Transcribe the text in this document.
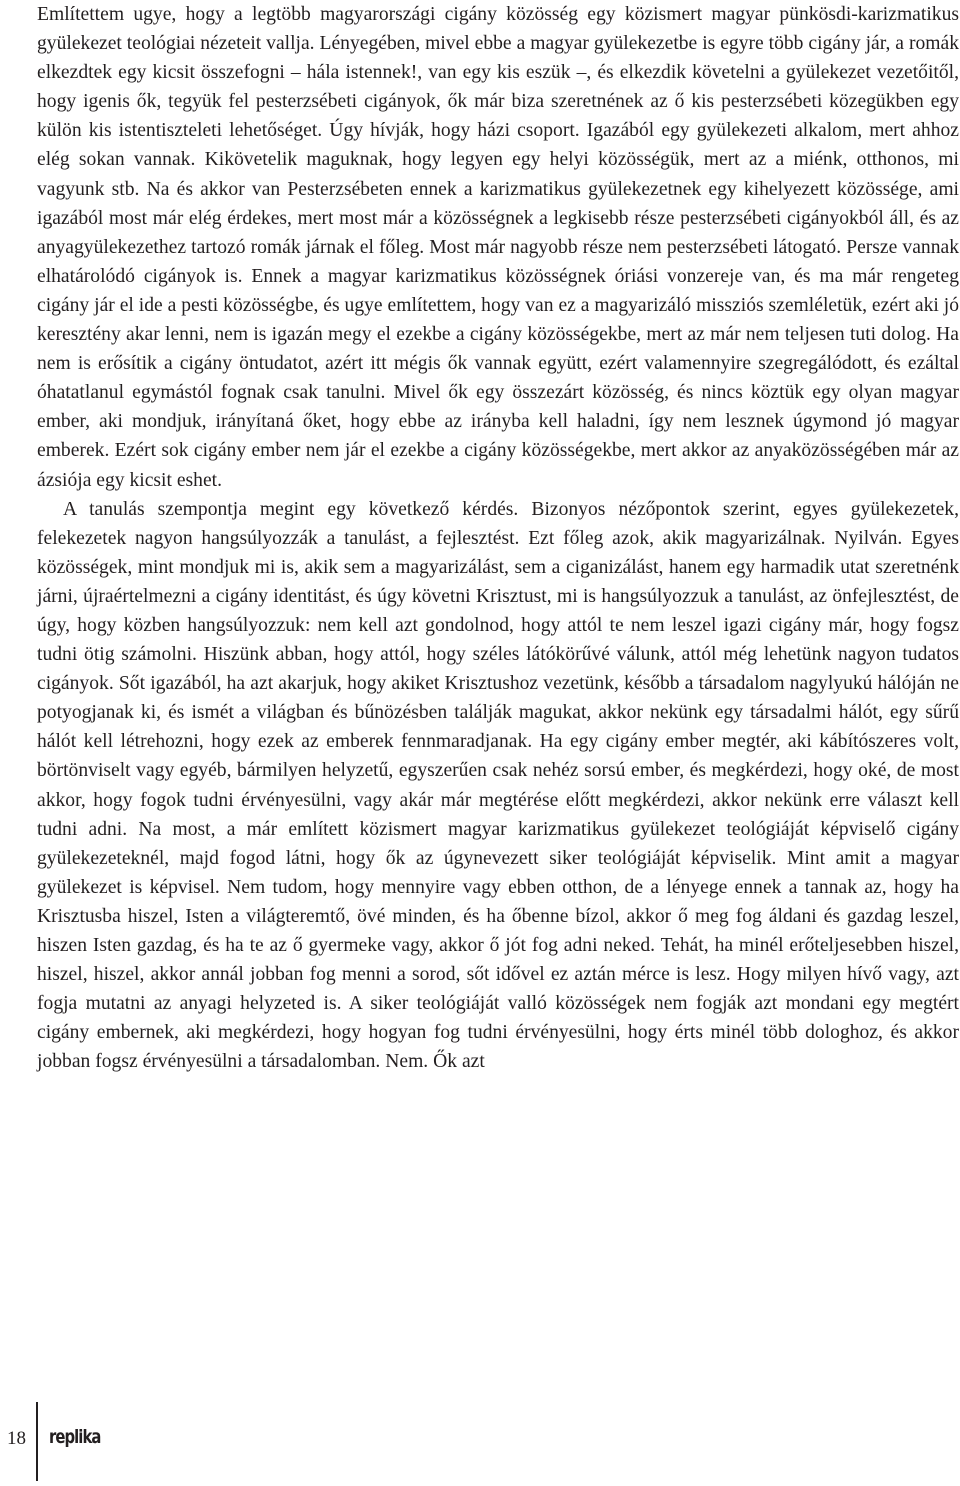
Említettem ugye, hogy a legtöbb magyarországi cigány közösség egy közismert magyar pünkösdi-karizmatikus gyülekezet teológiai nézeteit vallja. Lényegében, mivel ebbe a magyar gyülekezetbe is egyre több cigány jár, a romák elkezdtek egy kicsit összefogni – hála istennek!, van egy kis eszük –, és elkezdik követelni a gyülekezet vezetőitől, hogy igenis ők, tegyük fel pesterzsébeti cigányok, ők már biza szeretnének az ő kis pesterzsébeti közegükben egy külön kis istentiszteleti lehetőséget. Úgy hívják, hogy házi csoport. Igazából egy gyülekezeti alkalom, mert ahhoz elég sokan vannak. Kikövetelik maguknak, hogy legyen egy helyi közösségük, mert az a miénk, otthonos, mi vagyunk stb. Na és akkor van Pesterzsébeten ennek a karizmatikus gyülekezetnek egy kihelyezett közössége, ami igazából most már elég érdekes, mert most már a közösségnek a legkisebb része pesterzsébeti cigányokból áll, és az anyagyülekezethez tartozó romák járnak el főleg. Most már nagyobb része nem pesterzsébeti látogató. Persze vannak elhatárolódó cigányok is. Ennek a magyar karizmatikus közösségnek óriási vonzereje van, és ma már rengeteg cigány jár el ide a pesti közösségbe, és ugye említettem, hogy van ez a magyarizáló missziós szemléletük, ezért aki jó keresztény akar lenni, nem is igazán megy el ezekbe a cigány közösségekbe, mert az már nem teljesen tuti dolog. Ha nem is erősítik a cigány öntudatot, azért itt mégis ők vannak együtt, ezért valamennyire szegregálódott, és ezáltal óhatatlanul egymástól fognak csak tanulni. Mivel ők egy összezárt közösség, és nincs köztük egy olyan magyar ember, aki mondjuk, irányítaná őket, hogy ebbe az irányba kell haladni, így nem lesznek úgymond jó magyar emberek. Ezért sok cigány ember nem jár el ezekbe a cigány közösségekbe, mert akkor az anyaközösségében már az ázsiója egy kicsit eshet.

A tanulás szempontja megint egy következő kérdés. Bizonyos nézőpontok szerint, egyes gyülekezetek, felekezetek nagyon hangsúlyozzák a tanulást, a fejlesztést. Ezt főleg azok, akik magyarizálnak. Nyilván. Egyes közösségek, mint mondjuk mi is, akik sem a magyarizálást, sem a ciganizálást, hanem egy harmadik utat szeretnénk járni, újraértelmezni a cigány identitást, és úgy követni Krisztust, mi is hangsúlyozzuk a tanulást, az önfejlesztést, de úgy, hogy közben hangsúlyozzuk: nem kell azt gondolnod, hogy attól te nem leszel igazi cigány már, hogy fogsz tudni ötig számolni. Hiszünk abban, hogy attól, hogy széles látókörűvé válunk, attól még lehetünk nagyon tudatos cigányok. Sőt igazából, ha azt akarjuk, hogy akiket Krisztushoz vezetünk, később a társadalom nagylyukú hálóján ne potyogjanak ki, és ismét a világban és bűnözésben találják magukat, akkor nekünk egy társadalmi hálót, egy sűrű hálót kell létrehozni, hogy ezek az emberek fennmaradjanak. Ha egy cigány ember megtér, aki kábítószeres volt, börtönviselt vagy egyéb, bármilyen helyzetű, egyszerűen csak nehéz sorsú ember, és megkérdezi, hogy oké, de most akkor, hogy fogok tudni érvényesülni, vagy akár már megtérése előtt megkérdezi, akkor nekünk erre választ kell tudni adni. Na most, a már említett közismert magyar karizmatikus gyülekezet teológiáját képviselő cigány gyülekezeteknél, majd fogod látni, hogy ők az úgynevezett siker teológiáját képviselik. Mint amit a magyar gyülekezet is képvisel. Nem tudom, hogy mennyire vagy ebben otthon, de a lényege ennek a tannak az, hogy ha Krisztusba hiszel, Isten a világteremtő, övé minden, és ha őbenne bízol, akkor ő meg fog áldani és gazdag leszel, hiszen Isten gazdag, és ha te az ő gyermeke vagy, akkor ő jót fog adni neked. Tehát, ha minél erőteljesebben hiszel, hiszel, hiszel, akkor annál jobban fog menni a sorod, sőt idővel ez aztán mérce is lesz. Hogy milyen hívő vagy, azt fogja mutatni az anyagi helyzeted is. A siker teológiáját valló közösségek nem fogják azt mondani egy megtért cigány embernek, aki megkérdezi, hogy hogyan fog tudni érvényesülni, hogy érts minél több dologhoz, és akkor jobban fogsz érvényesülni a társadalomban. Nem. Ők azt

18 replika
